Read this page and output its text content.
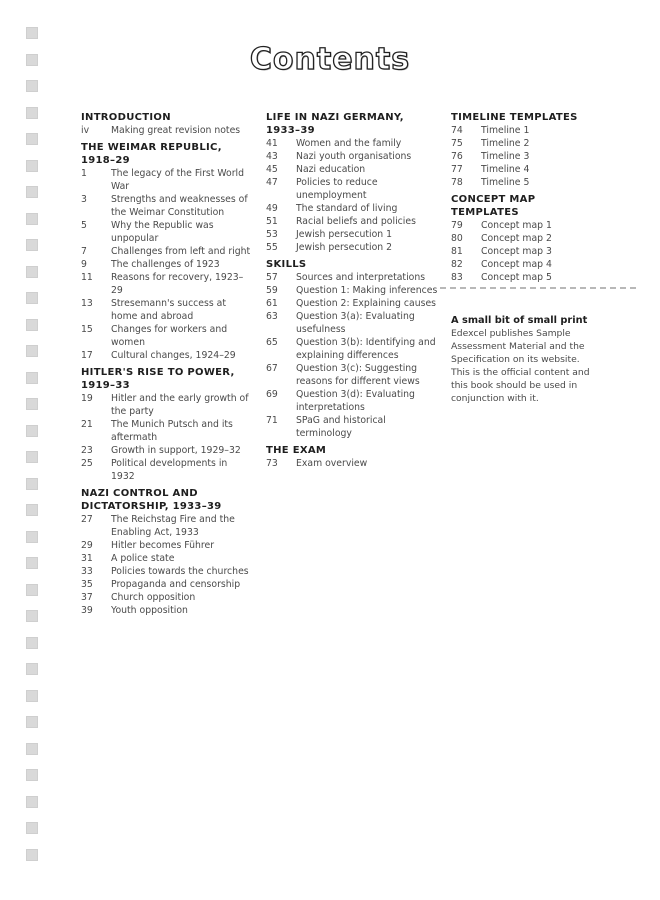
Contents
INTRODUCTION
iv	Making great revision notes
THE WEIMAR REPUBLIC, 1918–29
1	The legacy of the First World War
3	Strengths and weaknesses of the Weimar Constitution
5	Why the Republic was unpopular
7	Challenges from left and right
9	The challenges of 1923
11	Reasons for recovery, 1923–29
13	Stresemann's success at home and abroad
15	Changes for workers and women
17	Cultural changes, 1924–29
HITLER'S RISE TO POWER, 1919–33
19	Hitler and the early growth of the party
21	The Munich Putsch and its aftermath
23	Growth in support, 1929–32
25	Political developments in 1932
NAZI CONTROL AND DICTATORSHIP, 1933–39
27	The Reichstag Fire and the Enabling Act, 1933
29	Hitler becomes Führer
31	A police state
33	Policies towards the churches
35	Propaganda and censorship
37	Church opposition
39	Youth opposition
LIFE IN NAZI GERMANY, 1933–39
41	Women and the family
43	Nazi youth organisations
45	Nazi education
47	Policies to reduce unemployment
49	The standard of living
51	Racial beliefs and policies
53	Jewish persecution 1
55	Jewish persecution 2
SKILLS
57	Sources and interpretations
59	Question 1: Making inferences
61	Question 2: Explaining causes
63	Question 3(a): Evaluating usefulness
65	Question 3(b): Identifying and explaining differences
67	Question 3(c): Suggesting reasons for different views
69	Question 3(d): Evaluating interpretations
71	SPaG and historical terminology
THE EXAM
73	Exam overview
TIMELINE TEMPLATES
74	Timeline 1
75	Timeline 2
76	Timeline 3
77	Timeline 4
78	Timeline 5
CONCEPT MAP TEMPLATES
79	Concept map 1
80	Concept map 2
81	Concept map 3
82	Concept map 4
83	Concept map 5
A small bit of small print
Edexcel publishes Sample Assessment Material and the Specification on its website. This is the official content and this book should be used in conjunction with it.
